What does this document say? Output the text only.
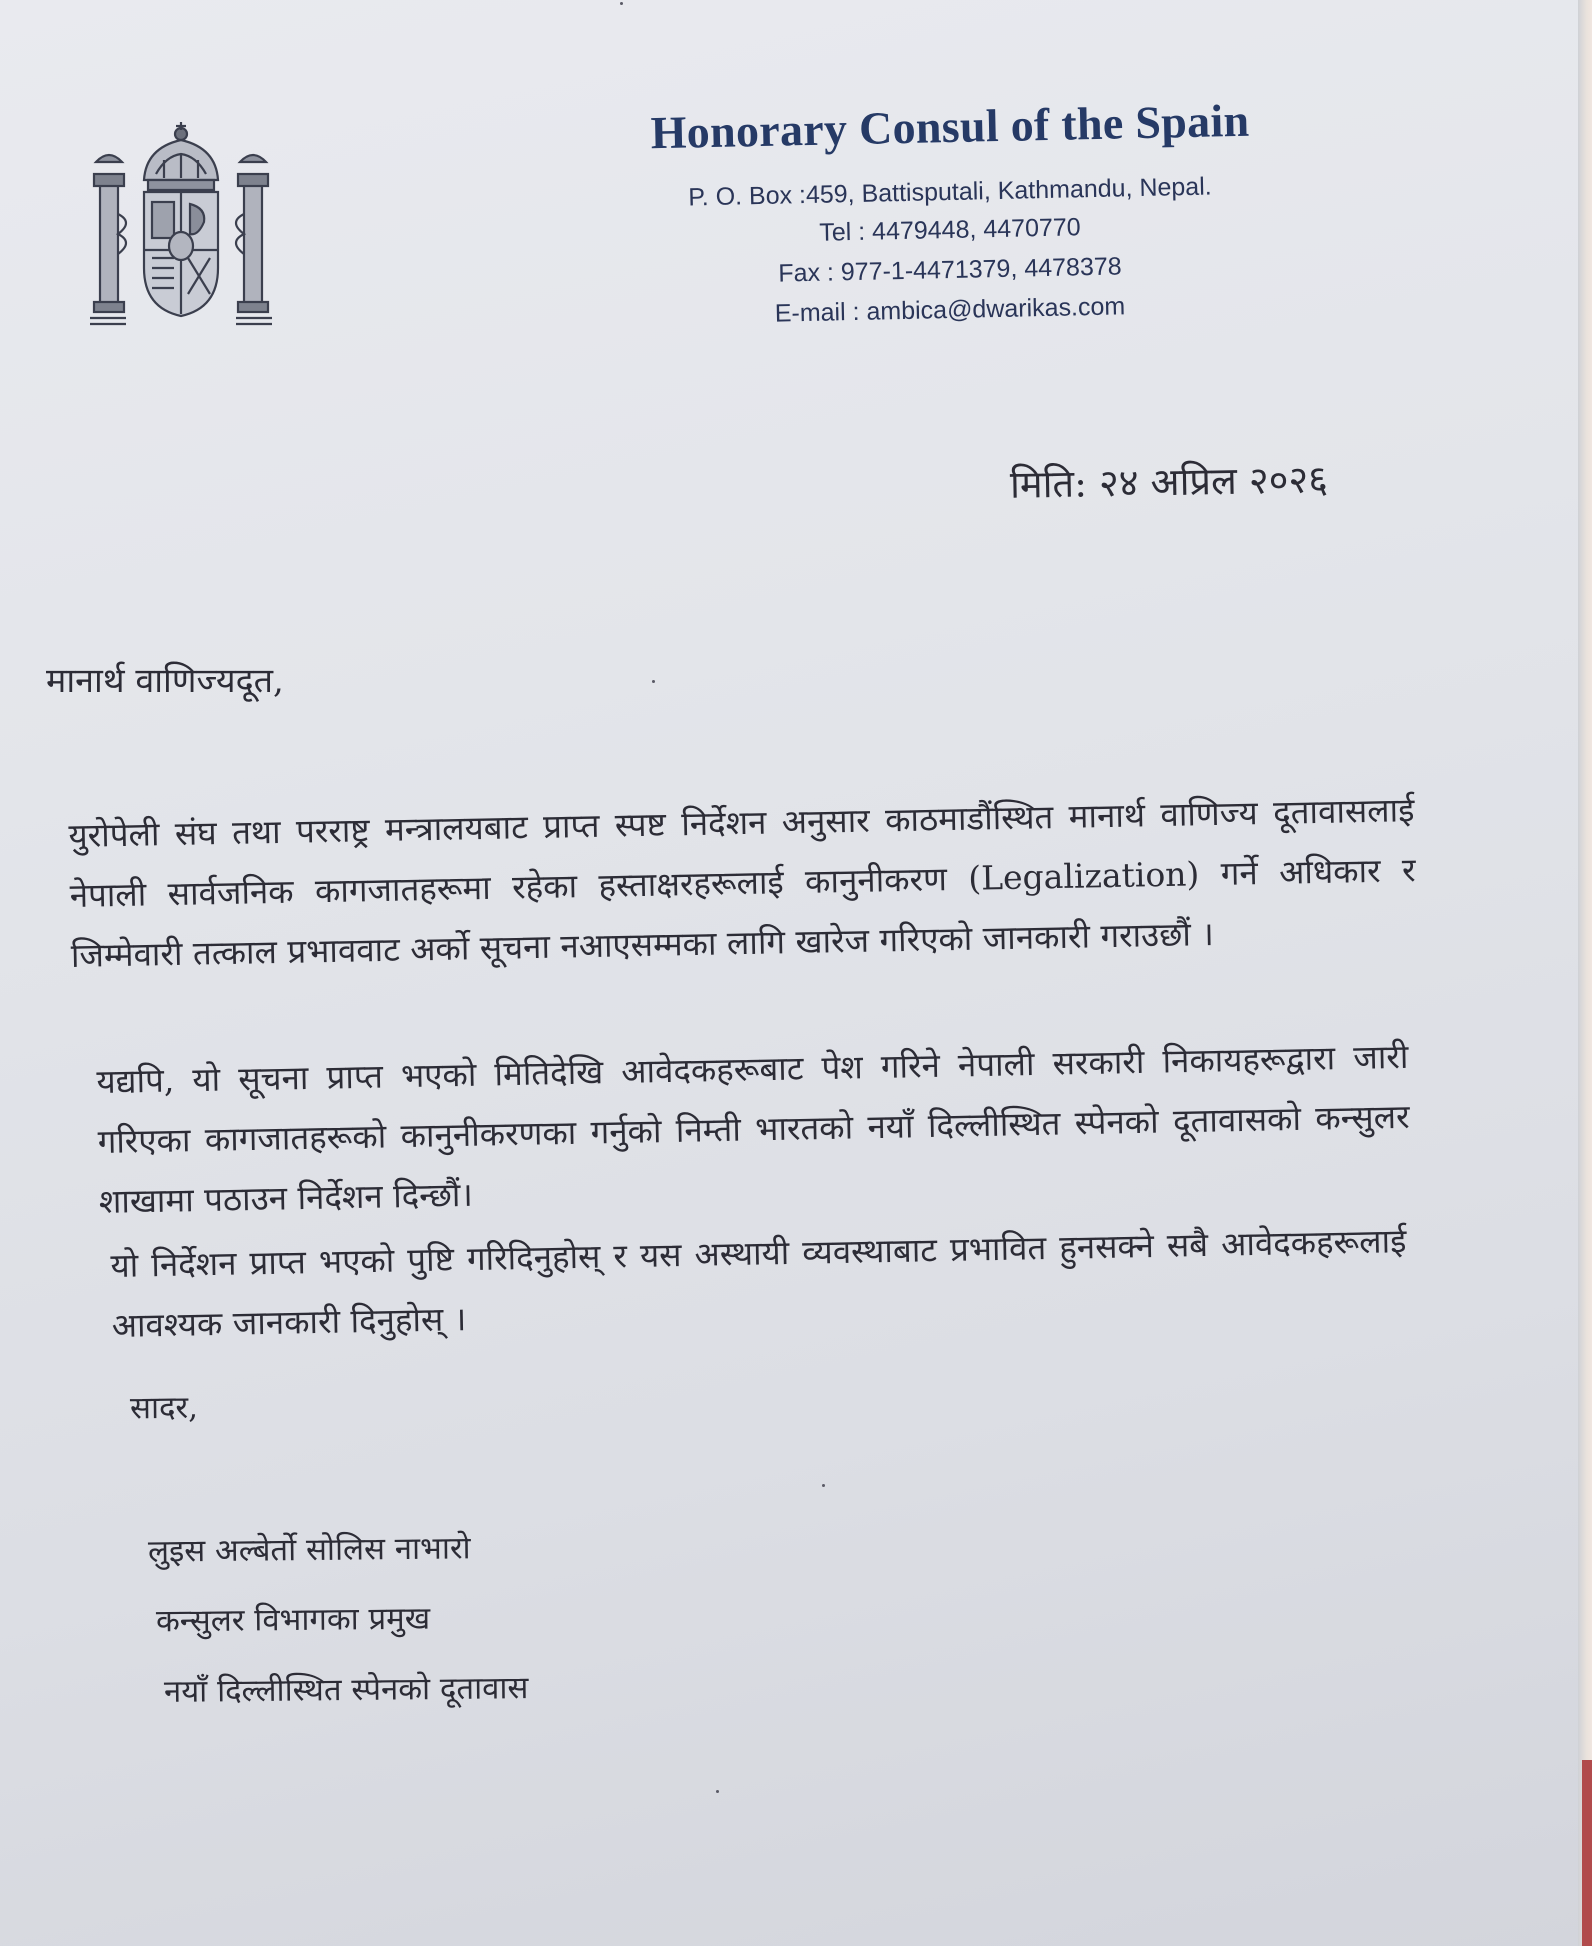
Honorary Consul of the Spain
P. O. Box :459, Battisputali, Kathmandu, Nepal.
Tel : 4479448, 4470770
Fax : 977-1-4471379, 4478378
E-mail : ambica@dwarikas.com
मिति: २४ अप्रिल २०२६
मानार्थ वाणिज्यदूत,
युरोपेली संघ तथा परराष्ट्र मन्त्रालयबाट प्राप्त स्पष्ट निर्देशन अनुसार काठमाडौंस्थित मानार्थ वाणिज्य दूतावासलाई नेपाली सार्वजनिक कागजातहरूमा रहेका हस्ताक्षरहरूलाई कानुनीकरण (Legalization) गर्ने अधिकार र जिम्मेवारी तत्काल प्रभाववाट अर्को सूचना नआएसम्मका लागि खारेज गरिएको जानकारी गराउछौं ।
यद्यपि, यो सूचना प्राप्त भएको मितिदेखि आवेदकहरूबाट पेश गरिने नेपाली सरकारी निकायहरूद्वारा जारी गरिएका कागजातहरूको कानुनीकरणका गर्नुको निम्ती भारतको नयाँ दिल्लीस्थित स्पेनको दूतावासको कन्सुलर शाखामा पठाउन निर्देशन दिन्छौं।
यो निर्देशन प्राप्त भएको पुष्टि गरिदिनुहोस् र यस अस्थायी व्यवस्थाबाट प्रभावित हुनसक्ने सबै आवेदकहरूलाई आवश्यक जानकारी दिनुहोस् ।
सादर,
लुइस अल्बेर्तो सोलिस नाभारो
कन्सुलर विभागका प्रमुख
नयाँ दिल्लीस्थित स्पेनको दूतावास
